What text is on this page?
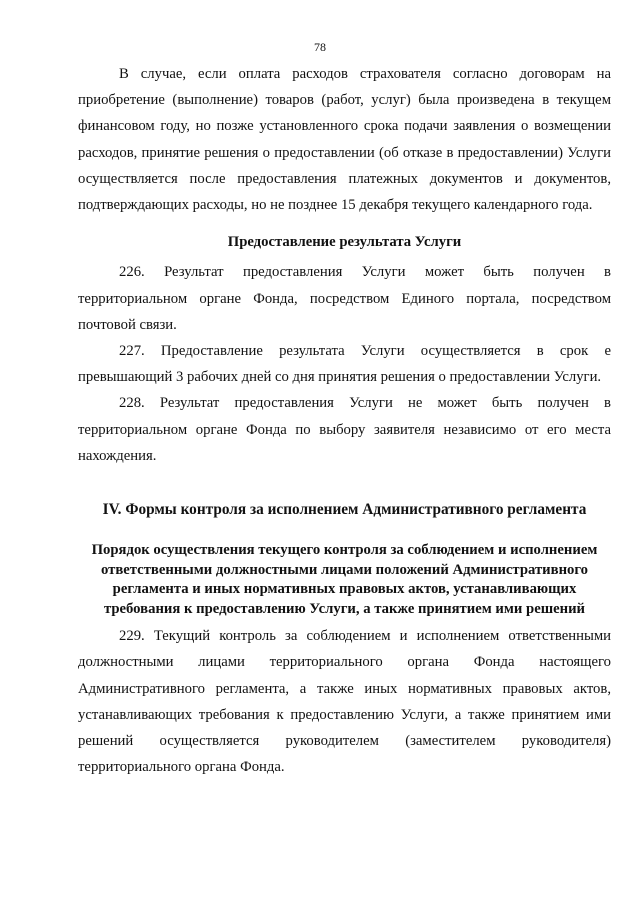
78

В случае, если оплата расходов страхователя согласно договорам на приобретение (выполнение) товаров (работ, услуг) была произведена в текущем финансовом году, но позже установленного срока подачи заявления о возмещении расходов, принятие решения о предоставлении (об отказе в предоставлении) Услуги осуществляется после предоставления платежных документов и документов, подтверждающих расходы, но не позднее 15 декабря текущего календарного года.

Предоставление результата Услуги

226. Результат предоставления Услуги может быть получен в территориальном органе Фонда, посредством Единого портала, посредством почтовой связи.

227. Предоставление результата Услуги осуществляется в срок е превышающий 3 рабочих дней со дня принятия решения о предоставлении Услуги.

228. Результат предоставления Услуги не может быть получен в территориальном органе Фонда по выбору заявителя независимо от его места нахождения.

IV. Формы контроля за исполнением Административного регламента

Порядок осуществления текущего контроля за соблюдением и исполнением ответственными должностными лицами положений Административного регламента и иных нормативных правовых актов, устанавливающих требования к предоставлению Услуги, а также принятием ими решений

229. Текущий контроль за соблюдением и исполнением ответственными должностными лицами территориального органа Фонда настоящего Административного регламента, а также иных нормативных правовых актов, устанавливающих требования к предоставлению Услуги, а также принятием ими решений осуществляется руководителем (заместителем руководителя) территориального органа Фонда.
